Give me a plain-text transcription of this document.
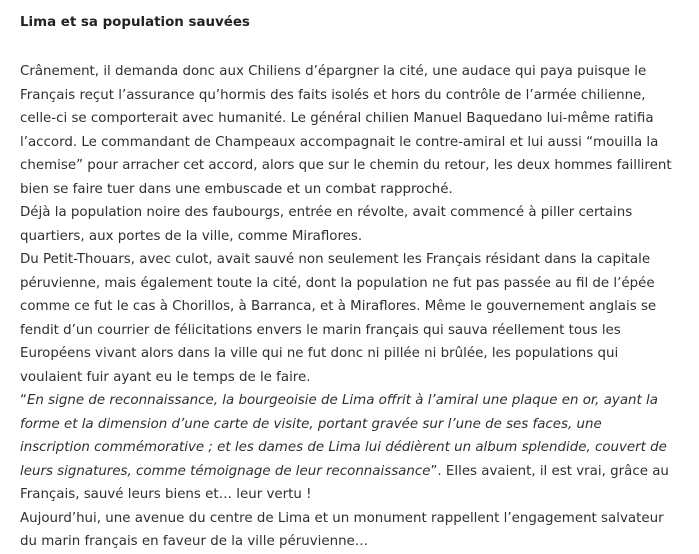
Lima et sa population sauvées
Crânement, il demanda donc aux Chiliens d’épargner la cité, une audace qui paya puisque le
Français reçut l’assurance qu’hormis des faits isolés et hors du contrôle de l’armée chilienne,
celle-ci se comporterait avec humanité. Le général chilien Manuel Baquedano lui-même ratifia
l’accord. Le commandant de Champeaux accompagnait le contre-amiral et lui aussi “mouilla la
chemise” pour arracher cet accord, alors que sur le chemin du retour, les deux hommes faillirent
bien se faire tuer dans une embuscade et un combat rapproché.
Déjà la population noire des faubourgs, entrée en révolte, avait commencé à piller certains
quartiers, aux portes de la ville, comme Miraflores.
Du Petit-Thouars, avec culot, avait sauvé non seulement les Français résidant dans la capitale
péruvienne, mais également toute la cité, dont la population ne fut pas passée au fil de l’épée
comme ce fut le cas à Chorillos, à Barranca, et à Miraflores. Même le gouvernement anglais se
fendit d’un courrier de félicitations envers le marin français qui sauva réellement tous les
Européens vivant alors dans la ville qui ne fut donc ni pillée ni brûlée, les populations qui
voulaient fuir ayant eu le temps de le faire.
“En signe de reconnaissance, la bourgeoisie de Lima offrit à l’amiral une plaque en or, ayant la
forme et la dimension d’une carte de visite, portant gravée sur l’une de ses faces, une
inscription commémorative ; et les dames de Lima lui dédièrent un album splendide, couvert de
leurs signatures, comme témoignage de leur reconnaissance”. Elles avaient, il est vrai, grâce au
Français, sauvé leurs biens et… leur vertu !
Aujourd’hui, une avenue du centre de Lima et un monument rappellent l’engagement salvateur
du marin français en faveur de la ville péruvienne…
